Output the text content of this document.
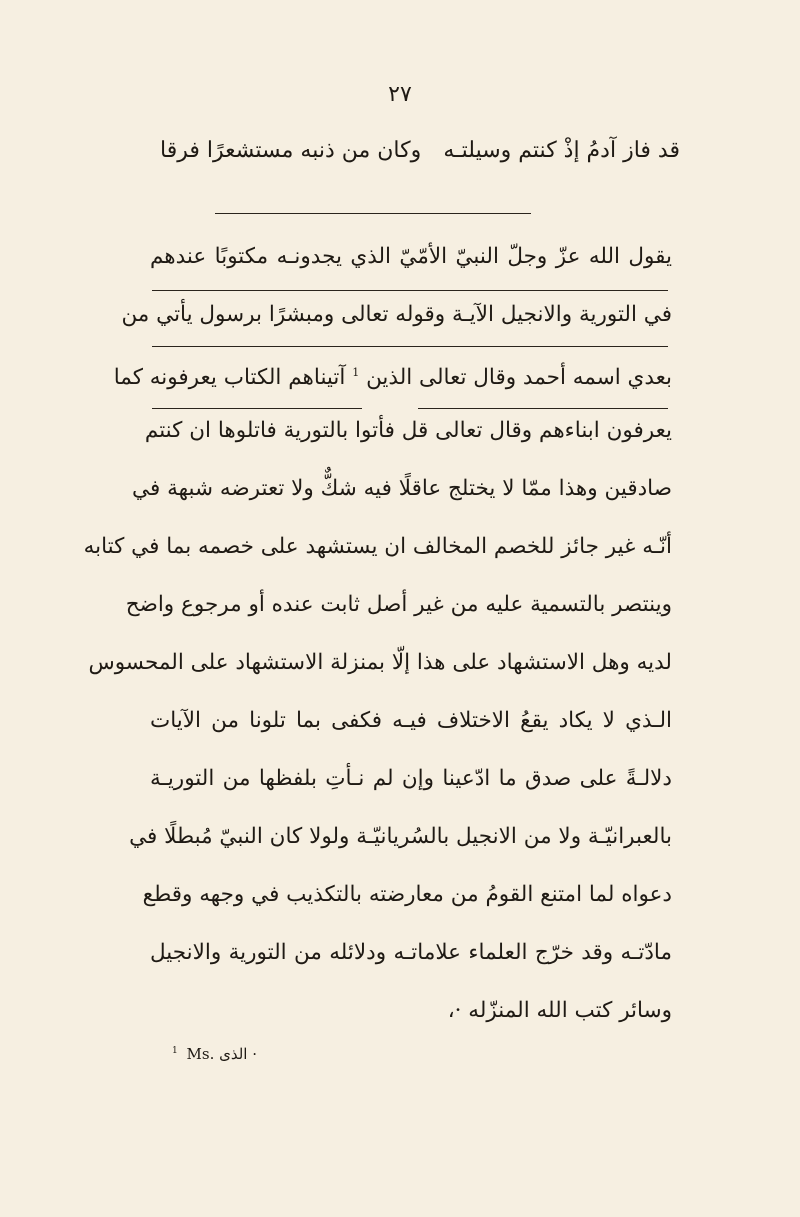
٢٧
قد فاز آدمُ إذْ كنتم وسيلتـه
وكان من ذنبه مستشعرًا فرقا
يقول الله عزّ وجلّ النبيّ الأمّيّ الذي يجدونـه مكتوبًا عندهم
في التورية والانجيل الآيـة وقوله تعالى ومبشرًا برسول يأتي من
بعدي اسمه أحمد وقال تعالى الذين $^1$ آتيناهم الكتاب يعرفونه كما
يعرفون ابناءهم وقال تعالى قل فأتوا بالتورية فاتلوها ان كنتم
صادقين وهذا ممّا لا يختلج عاقلًا فيه شكٌّ ولا تعترضه شبهة في
أنّـه غير جائز للخصم المخالف ان يستشهد على خصمه بما في كتابه
وينتصر بالتسمية عليه من غير أصل ثابت عنده أو مرجوع واضح
لديه وهل الاستشهاد على هذا إلّا بمنزلة الاستشهاد على المحسوس
الـذي لا يكاد يقعُ الاختلاف فيـه فكفى بما تلونا من الآيات
دلالـةً على صدق ما ادّعينا وإن لم نـأتِ بلفظها من التوريـة
بالعبرانيّـة ولا من الانجيل بالسُريانيّـة ولولا كان النبيّ مُبطلًا في
دعواه لما امتنع القومُ من معارضته بالتكذيب في وجهه وقطع
مادّتـه وقد خرّج العلماء علاماتـه ودلائله من التورية والانجيل
وسائر كتب الله المنزّله ·،
$^1$ Ms. الذى ·
